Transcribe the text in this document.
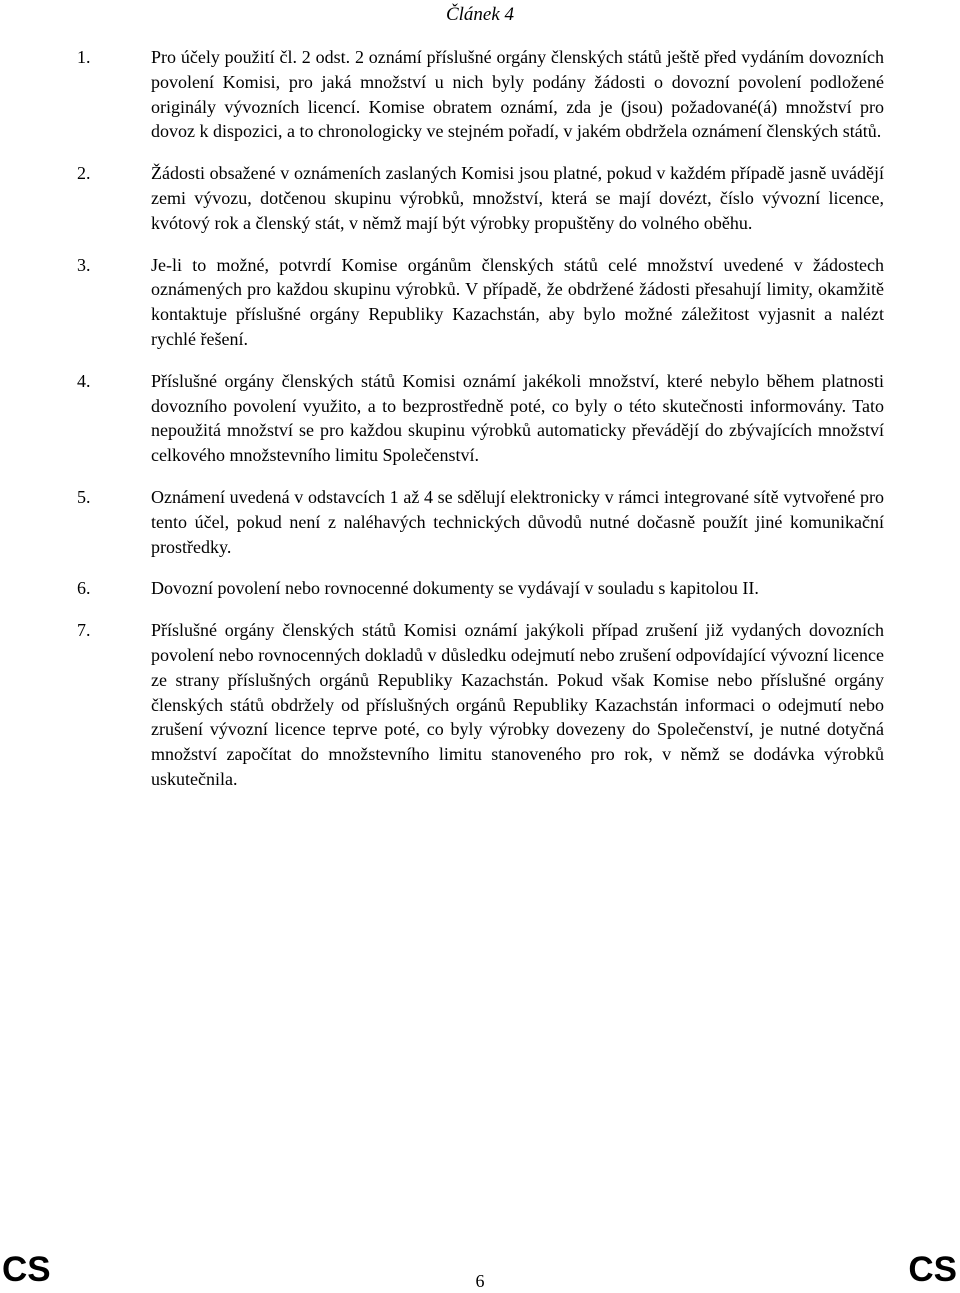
Článek 4
1.	Pro účely použití čl. 2 odst. 2 oznámí příslušné orgány členských států ještě před vydáním dovozních povolení Komisi, pro jaká množství u nich byly podány žádosti o dovozní povolení podložené originály vývozních licencí. Komise obratem oznámí, zda je (jsou) požadované(á) množství pro dovoz k dispozici, a to chronologicky ve stejném pořadí, v jakém obdržela oznámení členských států.
2.	Žádosti obsažené v oznámeních zaslaných Komisi jsou platné, pokud v každém případě jasně uvádějí zemi vývozu, dotčenou skupinu výrobků, množství, která se mají dovézt, číslo vývozní licence, kvótový rok a členský stát, v němž mají být výrobky propuštěny do volného oběhu.
3.	Je-li to možné, potvrdí Komise orgánům členských států celé množství uvedené v žádostech oznámených pro každou skupinu výrobků. V případě, že obdržené žádosti přesahují limity, okamžitě kontaktuje příslušné orgány Republiky Kazachstán, aby bylo možné záležitost vyjasnit a nalézt rychlé řešení.
4.	Příslušné orgány členských států Komisi oznámí jakékoli množství, které nebylo během platnosti dovozního povolení využito, a to bezprostředně poté, co byly o této skutečnosti informovány. Tato nepoužitá množství se pro každou skupinu výrobků automaticky převádějí do zbývajících množství celkového množstevního limitu Společenství.
5.	Oznámení uvedená v odstavcích 1 až 4 se sdělují elektronicky v rámci integrované sítě vytvořené pro tento účel, pokud není z naléhavých technických důvodů nutné dočasně použít jiné komunikační prostředky.
6.	Dovozní povolení nebo rovnocenné dokumenty se vydávají v souladu s kapitolou II.
7.	Příslušné orgány členských států Komisi oznámí jakýkoli případ zrušení již vydaných dovozních povolení nebo rovnocenných dokladů v důsledku odejmutí nebo zrušení odpovídající vývozní licence ze strany příslušných orgánů Republiky Kazachstán. Pokud však Komise nebo příslušné orgány členských států obdržely od příslušných orgánů Republiky Kazachstán informaci o odejmutí nebo zrušení vývozní licence teprve poté, co byly výrobky dovezeny do Společenství, je nutné dotyčná množství započítat do množstevního limitu stanoveného pro rok, v němž se dodávka výrobků uskutečnila.
CS	6	CS
